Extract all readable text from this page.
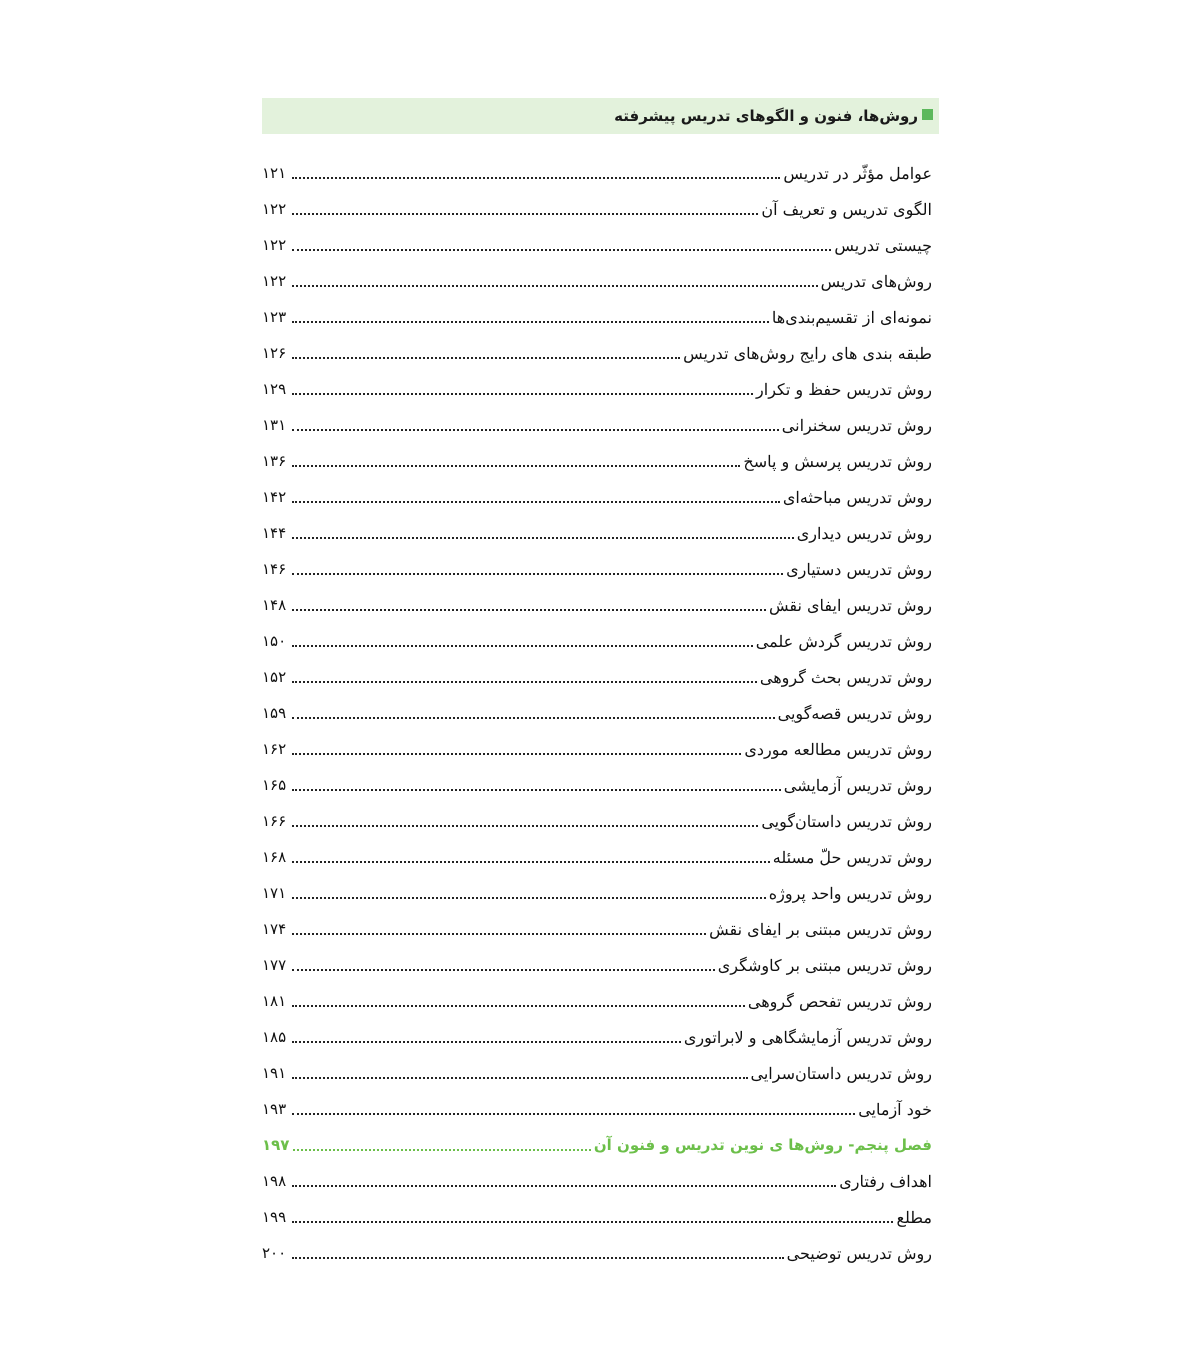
روش‌ها، فنون و الگوهای تدریس پیشرفته
عوامل مؤثّر در تدریس
۱۲۱
الگوی تدریس و تعریف آن
۱۲۲
چیستی تدریس
۱۲۲
روش‌های تدریس
۱۲۲
نمونه‌ای از تقسیم‌بندی‌ها
۱۲۳
طبقه بندی های رایج روش‌های تدریس
۱۲۶
روش تدریس حفظ و تکرار
۱۲۹
روش تدریس سخنرانی
۱۳۱
روش تدریس پرسش و پاسخ
۱۳۶
روش تدریس مباحثه‌ای
۱۴۲
روش تدریس دیداری
۱۴۴
روش تدریس دستیاری
۱۴۶
روش تدریس ایفای نقش
۱۴۸
روش تدریس گردش علمی
۱۵۰
روش تدریس بحث گروهی
۱۵۲
روش تدریس قصه‌گویی
۱۵۹
روش تدریس مطالعه موردی
۱۶۲
روش تدریس آزمایشی
۱۶۵
روش تدریس داستان‌گویی
۱۶۶
روش تدریس حلّ مسئله
۱۶۸
روش تدریس واحد پروژه
۱۷۱
روش تدریس مبتنی بر ایفای نقش
۱۷۴
روش تدریس مبتنی بر کاوشگری
۱۷۷
روش تدریس تفحص گروهی
۱۸۱
روش تدریس آزمایشگاهی و لابراتوری
۱۸۵
روش تدریس داستان‌سرایی
۱۹۱
خود آزمایی
۱۹۳
فصل پنجم- روش‌ها ی نوین تدریس و فنون آن
۱۹۷
اهداف رفتاری
۱۹۸
مطلع
۱۹۹
روش تدریس توضیحی
۲۰۰
